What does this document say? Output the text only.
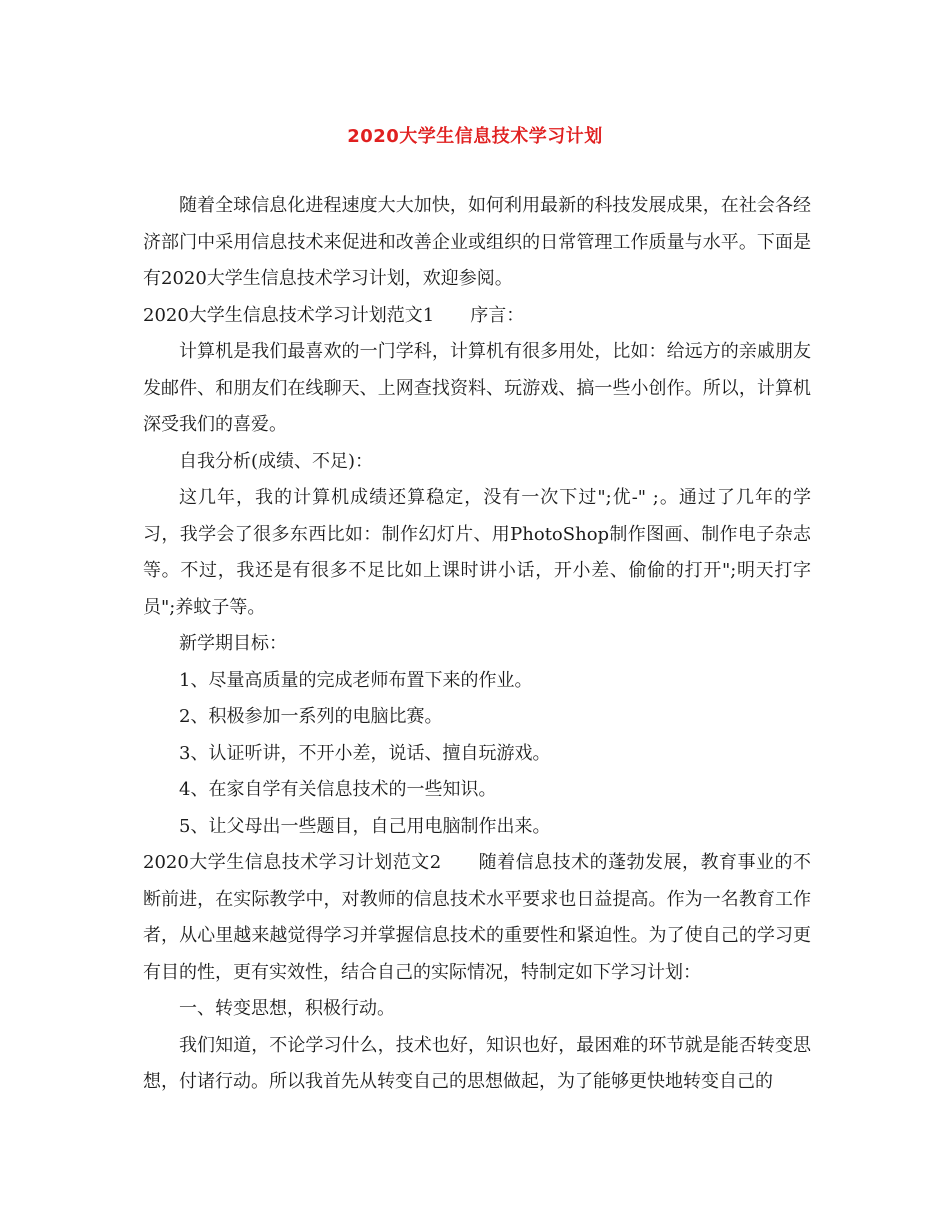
2020大学生信息技术学习计划

随着全球信息化进程速度大大加快，如何利用最新的科技发展成果，在社会各经济部门中采用信息技术来促进和改善企业或组织的日常管理工作质量与水平。下面是有2020大学生信息技术学习计划，欢迎参阅。

2020大学生信息技术学习计划范文1　　序言：

计算机是我们最喜欢的一门学科，计算机有很多用处，比如：给远方的亲戚朋友发邮件、和朋友们在线聊天、上网查找资料、玩游戏、搞一些小创作。所以，计算机深受我们的喜爱。

自我分析(成绩、不足)：

这几年，我的计算机成绩还算稳定，没有一次下过";优-" ;。通过了几年的学习，我学会了很多东西比如：制作幻灯片、用PhotoShop制作图画、制作电子杂志等。不过，我还是有很多不足比如上课时讲小话，开小差、偷偷的打开";明天打字员";养蚊子等。

新学期目标：

1、尽量高质量的完成老师布置下来的作业。

2、积极参加一系列的电脑比赛。

3、认证听讲，不开小差，说话、擅自玩游戏。

4、在家自学有关信息技术的一些知识。

5、让父母出一些题目，自己用电脑制作出来。

2020大学生信息技术学习计划范文2　　随着信息技术的蓬勃发展，教育事业的不断前进，在实际教学中，对教师的信息技术水平要求也日益提高。作为一名教育工作者，从心里越来越觉得学习并掌握信息技术的重要性和紧迫性。为了使自己的学习更有目的性，更有实效性，结合自己的实际情况，特制定如下学习计划：

一、转变思想，积极行动。

我们知道，不论学习什么，技术也好，知识也好，最困难的环节就是能否转变思想，付诸行动。所以我首先从转变自己的思想做起，为了能够更快地转变自己的
